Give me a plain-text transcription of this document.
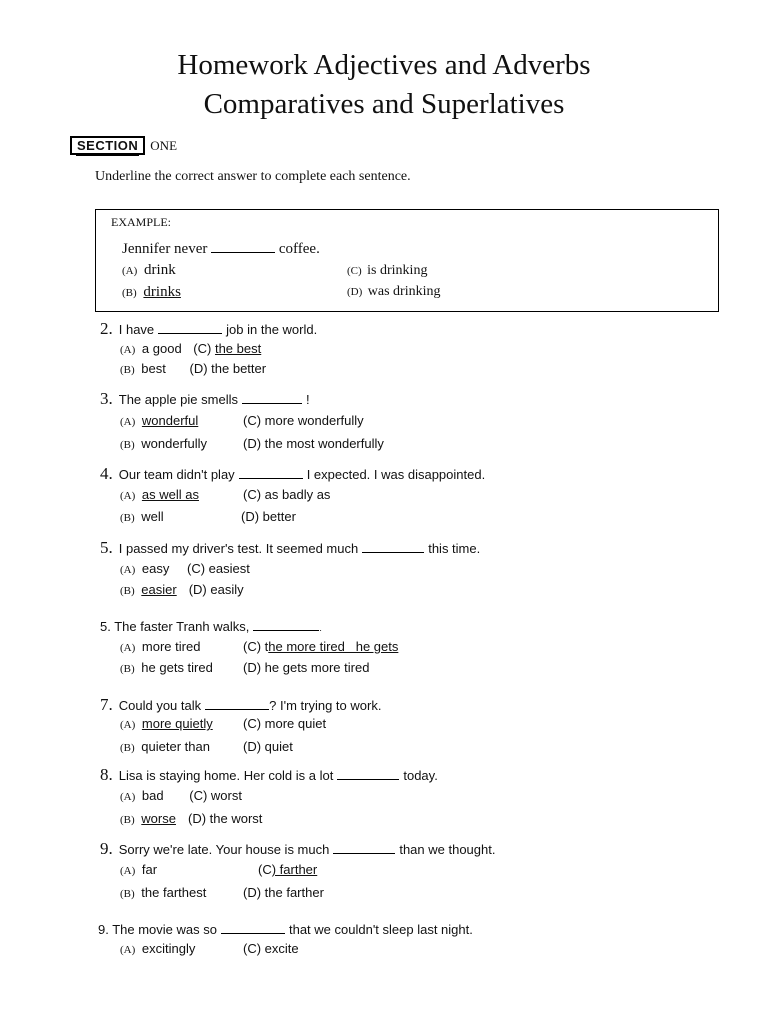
Homework Adjectives and Adverbs
Comparatives and Superlatives
SECTION ONE
Underline the correct answer to complete each sentence.
EXAMPLE:
Jennifer never	coffee.
(A) drink
(B) drinks
(C) is drinking
(D) was drinking
2. I have	job in the world.
(A) a good (C) the best
(B) best (D) the better
3. The apple pie smells	!
(A) wonderful	(C) more wonderfully
(B) wonderfully	(D) the most wonderfully
4. Our team didn't play	I expected. I was disappointed.
(A) as well as	(C) as badly as
(B) well	(D) better
5. I passed my driver's test. It seemed much	this time.
(A) easy (C) easiest
(B) easier (D) easily
5. The faster Tranh walks,	.
(A) more tired	(C) the more tired   he gets
(B) he gets tired (D) he gets more tired
7. Could you talk	? I'm trying to work.
(A) more quietly (C) more quiet
(B) quieter than	(D) quiet
8. Lisa is staying home. Her cold is a lot	today.
(A) bad (C) worst
(B) worse (D) the worst
9. Sorry we're late. Your house is much	than we thought.
(A) far	(C) farther
(B) the farthest	(D) the farther
9. The movie was so	that we couldn't sleep last night.
(A) excitingly	(C) excite
